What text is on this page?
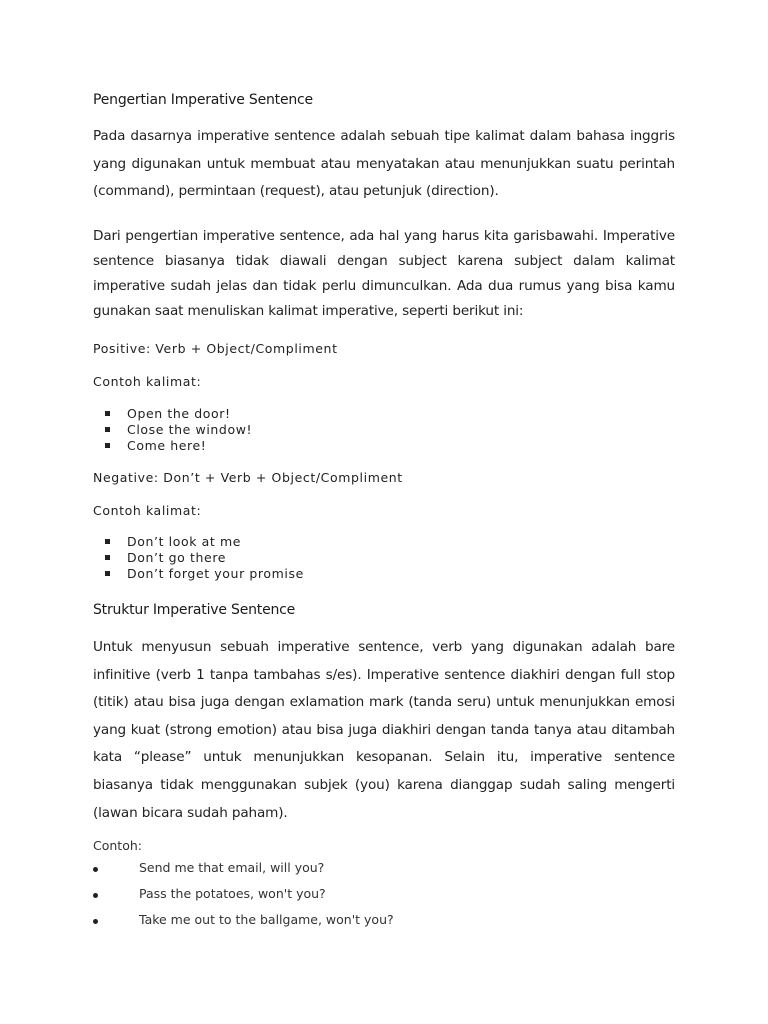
Pengertian Imperative Sentence
Pada dasarnya imperative sentence adalah sebuah tipe kalimat dalam bahasa inggris yang digunakan untuk membuat atau menyatakan atau menunjukkan suatu perintah (command), permintaan (request), atau petunjuk (direction).
Dari pengertian imperative sentence, ada hal yang harus kita garisbawahi. Imperative sentence biasanya tidak diawali dengan subject karena subject dalam kalimat imperative sudah jelas dan tidak perlu dimunculkan. Ada dua rumus yang bisa kamu gunakan saat menuliskan kalimat imperative, seperti berikut ini:
Positive: Verb + Object/Compliment
Contoh kalimat:
Open the door!
Close the window!
Come here!
Negative: Don’t + Verb + Object/Compliment
Contoh kalimat:
Don’t look at me
Don’t go there
Don’t forget your promise
Struktur Imperative Sentence
Untuk menyusun sebuah imperative sentence, verb yang digunakan adalah bare infinitive (verb 1 tanpa tambahas s/es). Imperative sentence diakhiri dengan full stop (titik) atau bisa juga dengan exlamation mark (tanda seru) untuk menunjukkan emosi yang kuat (strong emotion) atau bisa juga diakhiri dengan tanda tanya atau ditambah kata “please” untuk menunjukkan kesopanan. Selain itu, imperative sentence biasanya tidak menggunakan subjek (you) karena dianggap sudah saling mengerti (lawan bicara sudah paham).
Contoh:
Send me that email, will you?
Pass the potatoes, won't you?
Take me out to the ballgame, won't you?
